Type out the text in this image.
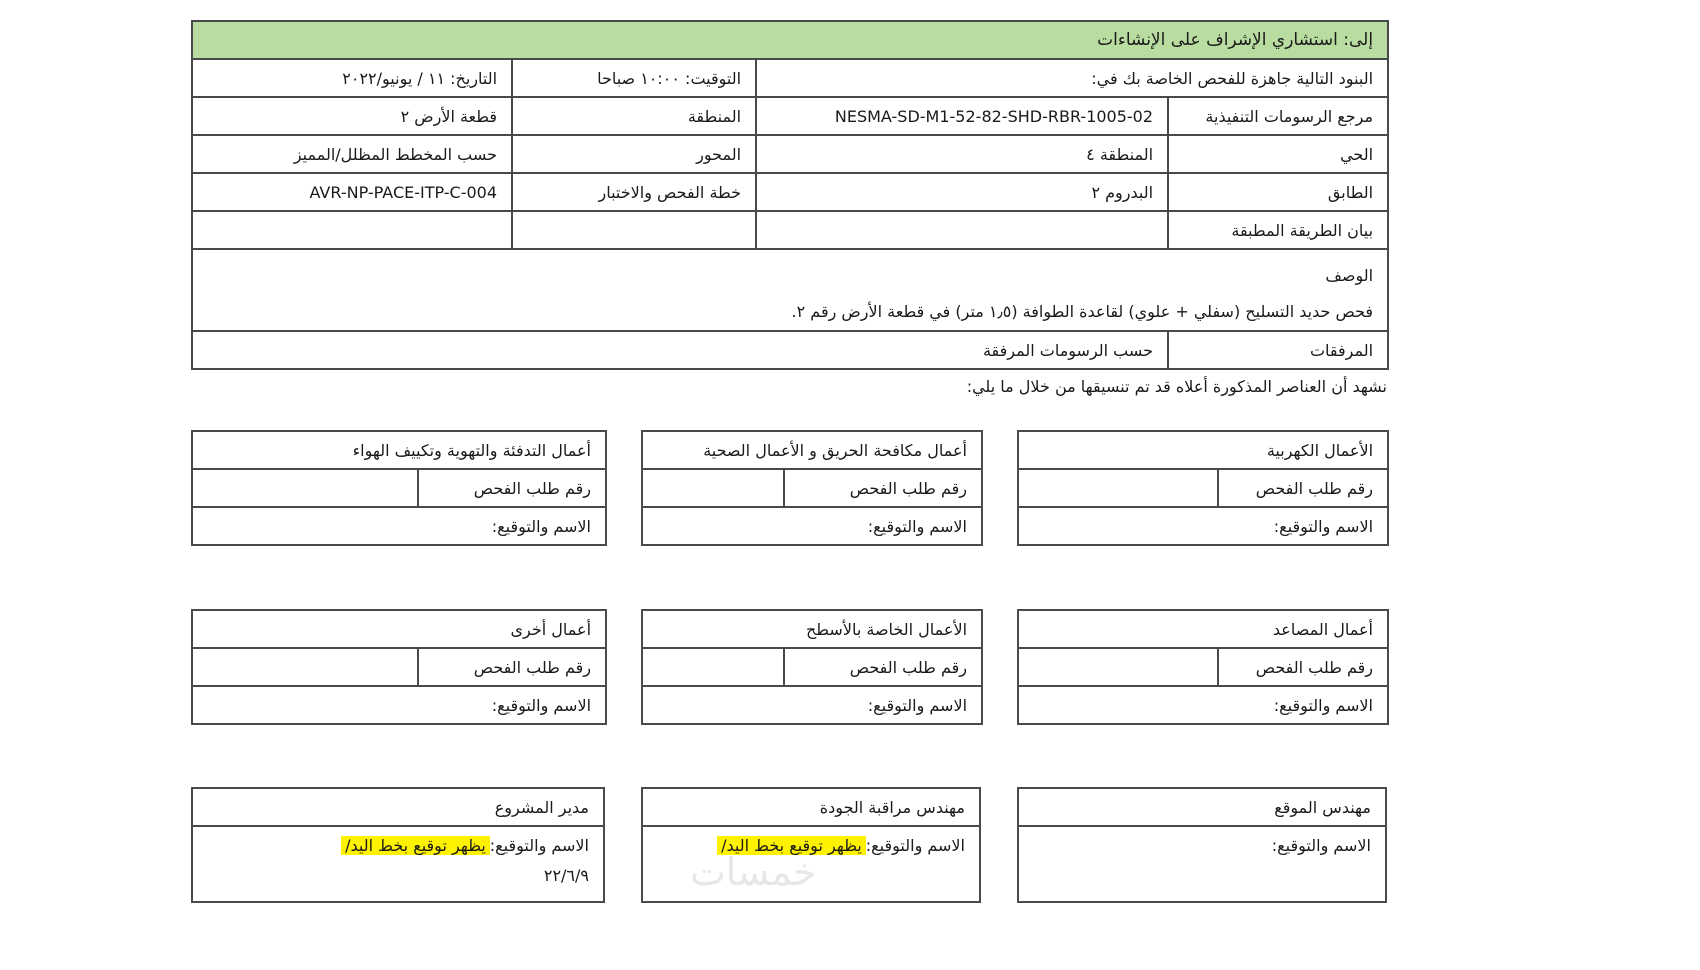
إلى: استشاري الإشراف على الإنشاءات			
البنود التالية جاهزة للفحص الخاصة بك في:		التوقيت: ١٠:٠٠ صباحا	التاريخ: ١١ / يونيو/٢٠٢٢
مرجع الرسومات التنفيذية	NESMA-SD-M1-52-82-SHD-RBR-1005-02	المنطقة	قطعة الأرض ٢
الحي	المنطقة ٤	المحور	حسب المخطط المظلل/المميز
الطابق	البدروم ٢	خطة الفحص والاختبار	AVR-NP-PACE-ITP-C-004
بيان الطريقة المطبقة			

الوصف
فحص حديد التسليح (سفلي + علوي) لقاعدة الطوافة (١٫٥ متر) في قطعة الأرض رقم ٢.			

المرفقات	حسب الرسومات المرفقة		
نشهد أن العناصر المذكورة أعلاه قد تم تنسيقها من خلال ما يلي:
الأعمال الكهربية
رقم طلب الفحص	
الاسم والتوقيع:
أعمال مكافحة الحريق و الأعمال الصحية
رقم طلب الفحص	
الاسم والتوقيع:
أعمال التدفئة والتهوية وتكييف الهواء
رقم طلب الفحص	
الاسم والتوقيع:
أعمال المصاعد
رقم طلب الفحص	
الاسم والتوقيع:
الأعمال الخاصة بالأسطح
رقم طلب الفحص	
الاسم والتوقيع:
أعمال أخرى
رقم طلب الفحص	
الاسم والتوقيع:
مهندس الموقع
الاسم والتوقيع:
مهندس مراقبة الجودة
الاسم والتوقيع:يظهر توقيع بخط اليد/
مدير المشروع

الاسم والتوقيع:يظهر توقيع بخط اليد/
٢٢/٦/٩	خمسات
